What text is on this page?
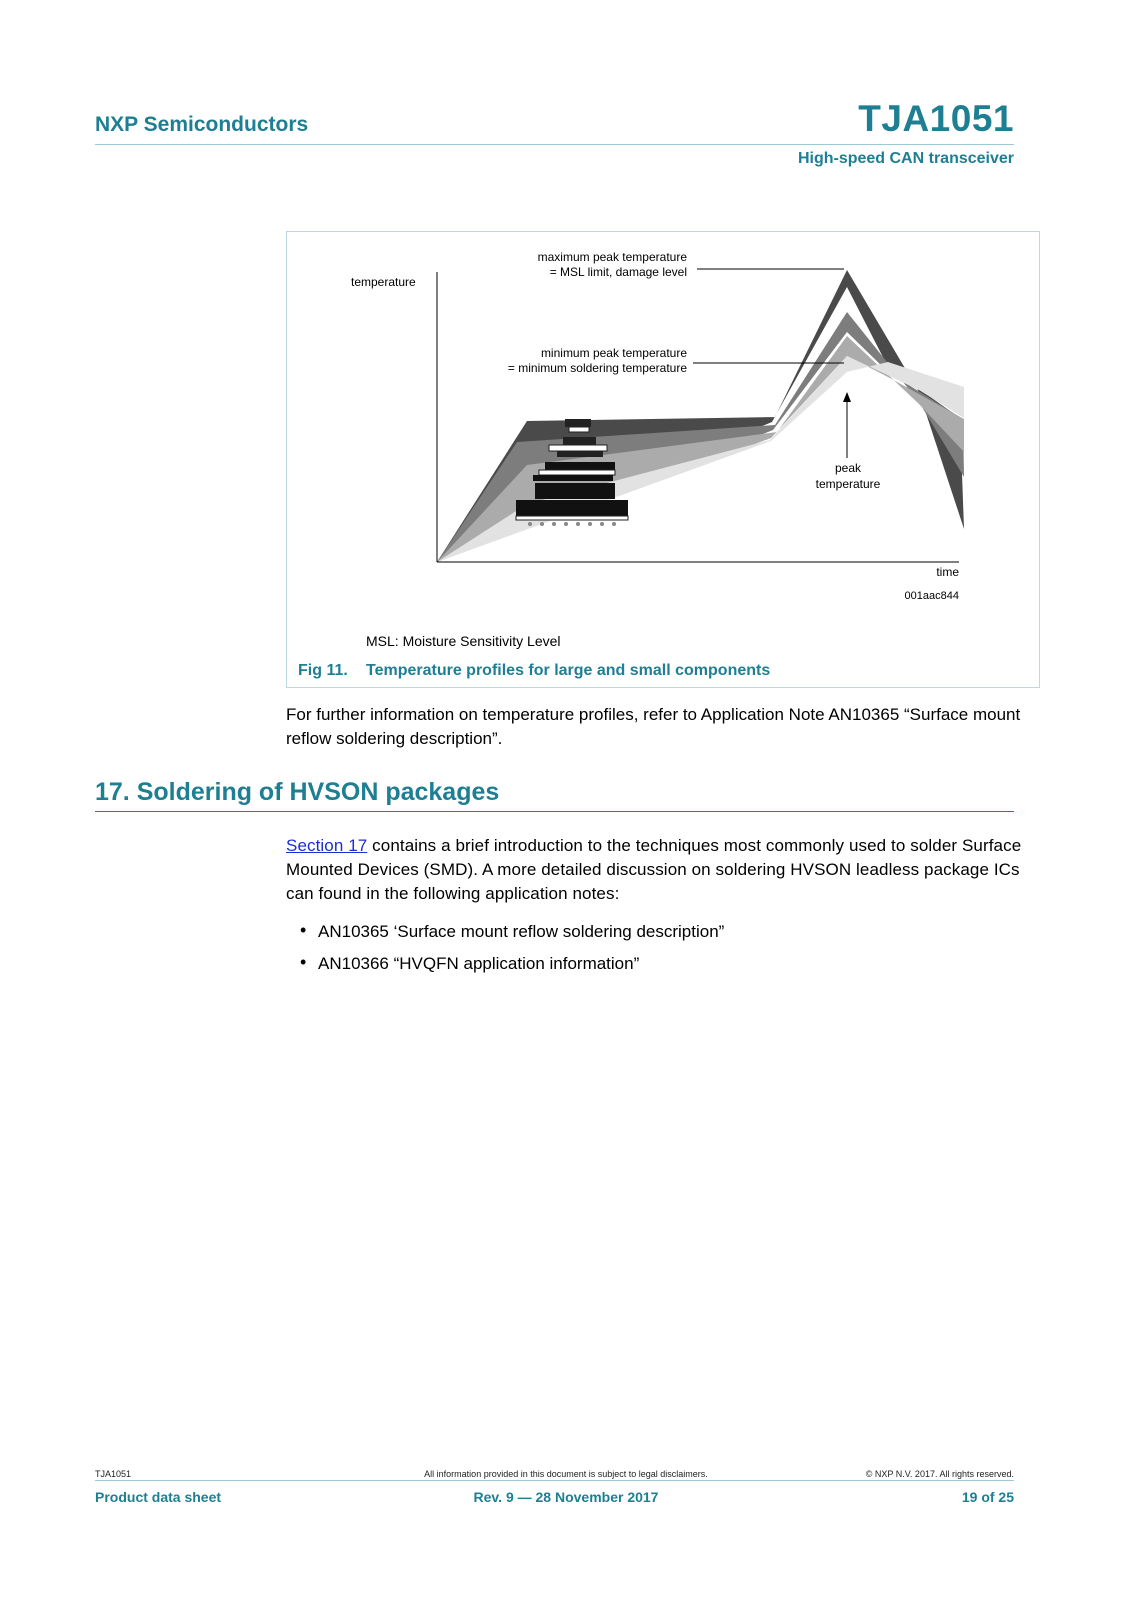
NXP Semiconductors	TJA1051
High-speed CAN transceiver
temperature
maximum peak temperature
= MSL limit, damage level
minimum peak temperature
= minimum soldering temperature
peak
temperature
time
001aac844
MSL: Moisture Sensitivity Level
Fig 11. Temperature profiles for large and small components
For further information on temperature profiles, refer to Application Note AN10365 “Surface mount reflow soldering description”.
17. Soldering of HVSON packages
Section 17 contains a brief introduction to the techniques most commonly used to solder Surface Mounted Devices (SMD). A more detailed discussion on soldering HVSON leadless package ICs can found in the following application notes:
• AN10365 ‘Surface mount reflow soldering description”
• AN10366 “HVQFN application information”
TJA1051	All information provided in this document is subject to legal disclaimers.	© NXP N.V. 2017. All rights reserved.
Product data sheet	Rev. 9 — 28 November 2017	19 of 25
